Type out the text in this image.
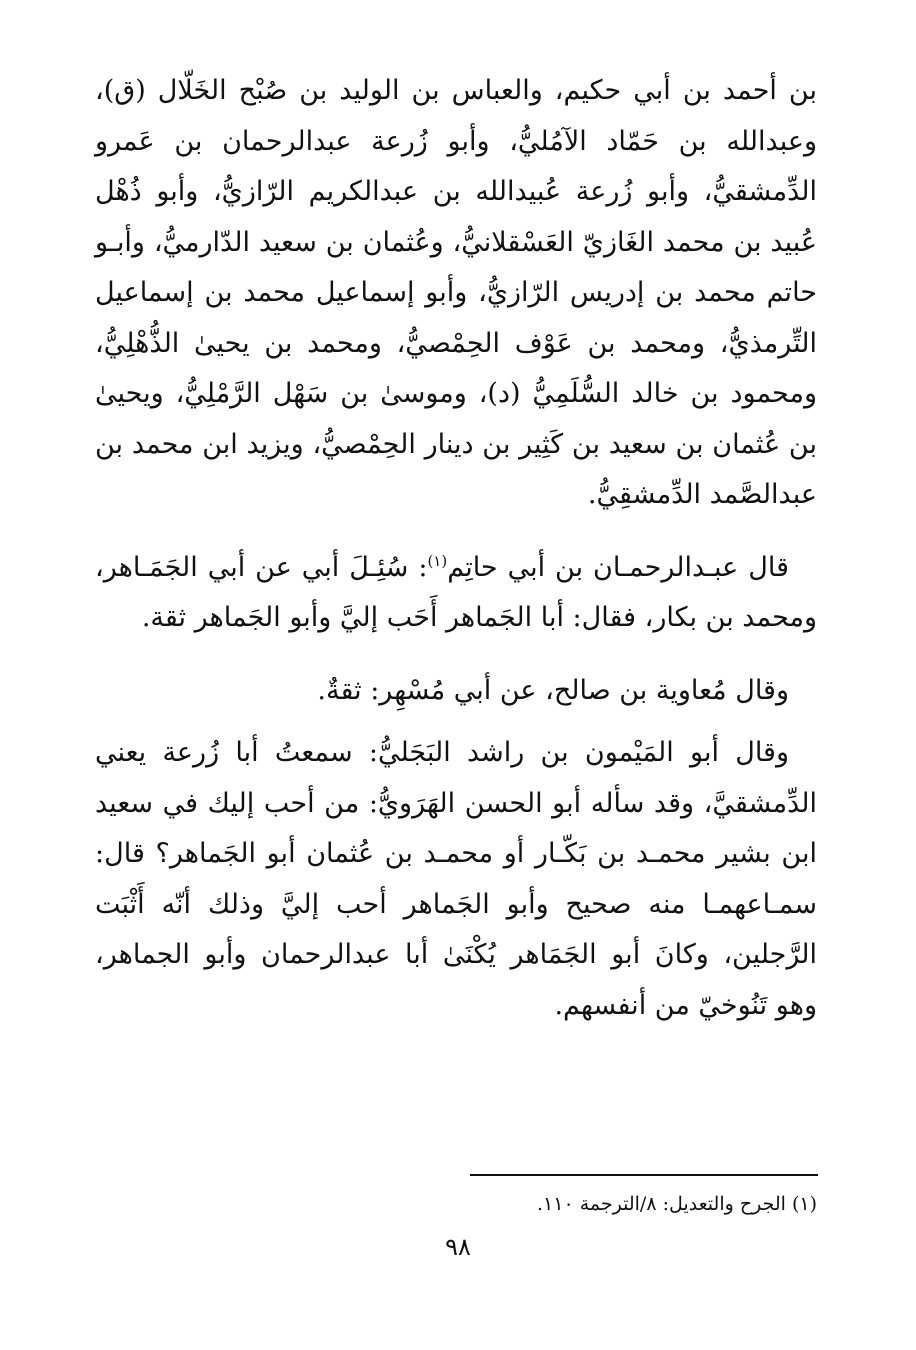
بن أحمد بن أبي حكيم، والعباس بن الوليد بن صُبْح الخَلّال (ق)، وعبدالله بن حَمّاد الآمُليُّ، وأبو زُرعة عبدالرحمان بن عَمرو الدِّمشقيُّ، وأبو زُرعة عُبيدالله بن عبدالكريم الرّازيُّ، وأبو ذُهْل عُبيد بن محمد الغَازيّ العَسْقلانيُّ، وعُثمان بن سعيد الدّارميُّ، وأبـو حاتم محمد بن إدريس الرّازيُّ، وأبو إسماعيل محمد بن إسماعيل التِّرمذيُّ، ومحمد بن عَوْف الحِمْصيُّ، ومحمد بن يحيىٰ الذُّهْلِيُّ، ومحمود بن خالد السُّلَمِيُّ (د)، وموسىٰ بن سَهْل الرَّمْلِيُّ، ويحيىٰ بن عُثمان بن سعيد بن كَثِير بن دينار الحِمْصيُّ، ويزيد ابن محمد بن عبدالصَّمد الدِّمشقِيُّ.

قال عبـدالرحمـان بن أبي حاتِم$^{(١)}$: سُئِـلَ أبي عن أبي الجَمَـاهر، ومحمد بن بكار، فقال: أبا الجَماهر أَحَب إليَّ وأبو الجَماهر ثقة.

وقال مُعاوية بن صالح، عن أبي مُسْهِر: ثقةٌ.

وقال أبو المَيْمون بن راشد البَجَليُّ: سمعتُ أبا زُرعة يعني الدِّمشقيَّ، وقد سأله أبو الحسن الهَرَويُّ: من أحب إليك في سعيد ابن بشير محمـد بن بَكّـار أو محمـد بن عُثمان أبو الجَماهر؟ قال: سمـاعهمـا منه صحيح وأبو الجَماهر أحب إليَّ وذلك أنّه أَثْبَت الرَّجلين، وكانَ أبو الجَمَاهر يُكْنَىٰ أبا عبدالرحمان وأبو الجماهر، وهو تَنُوخيّ من أنفسهم.

(١) الجرح والتعديل: ٨/الترجمة ١١٠.
٩٨
